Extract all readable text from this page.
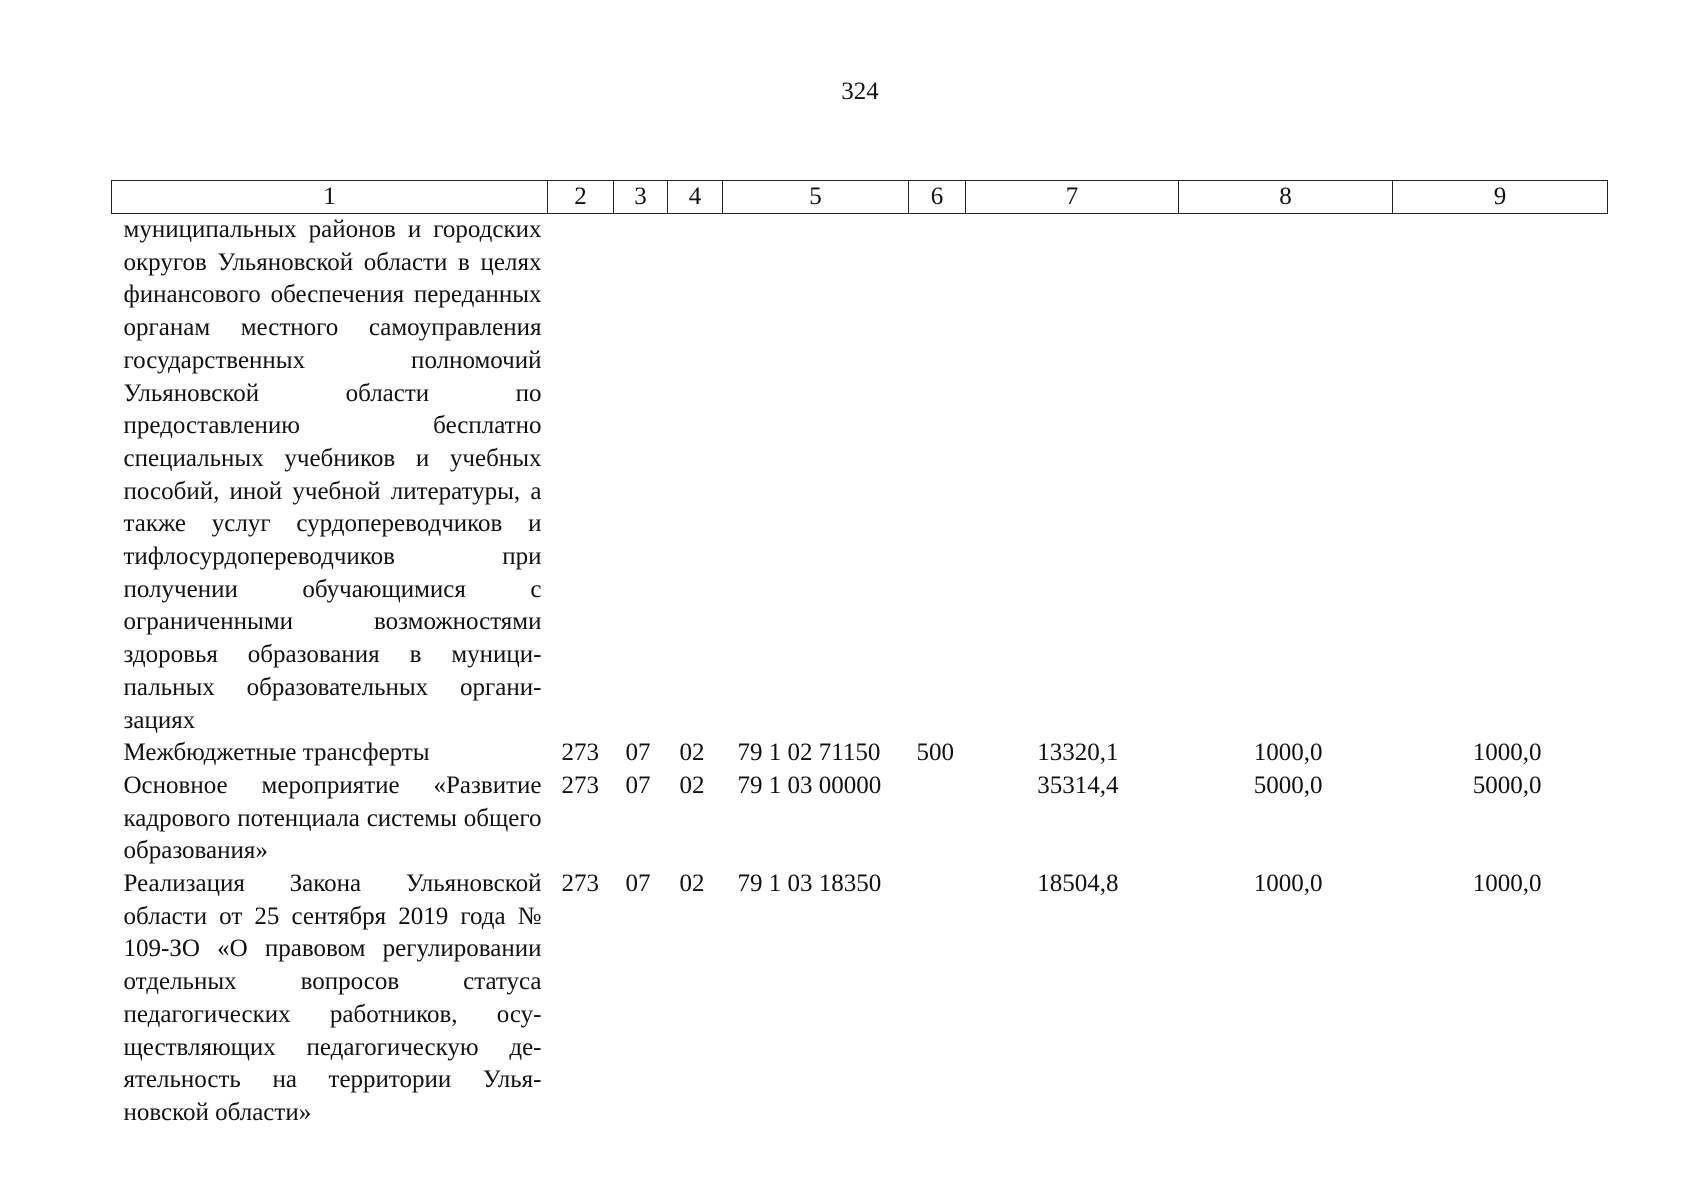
324
1	2	3	4	5	6	7	8	9
муниципальных районов и городских округов Ульяновской области в целях финансового обеспечения переданных органам местного самоуправления государственных полномочий Ульяновской области по предоставлению бесплатно специальных учебников и учебных пособий, иной учебной литературы, а также услуг сурдопереводчиков и тифлосурдопереводчиков при получении обучающимися с ограниченными возможностями здоровья образования в муниципальных образовательных организациях								
Межбюджетные трансферты	273	07	02	79 1 02 71150	500	13320,1	1000,0	1000,0
Основное мероприятие «Развитие кадрового потенциала системы общего образования»	273	07	02	79 1 03 00000		35314,4	5000,0	5000,0
Реализация Закона Ульяновской области от 25 сентября 2019 года № 109-ЗО «О правовом регулировании отдельных вопросов статуса педагогических работников, осуществляющих педагогическую деятельность на территории Ульяновской области»	273	07	02	79 1 03 18350		18504,8	1000,0	1000,0
